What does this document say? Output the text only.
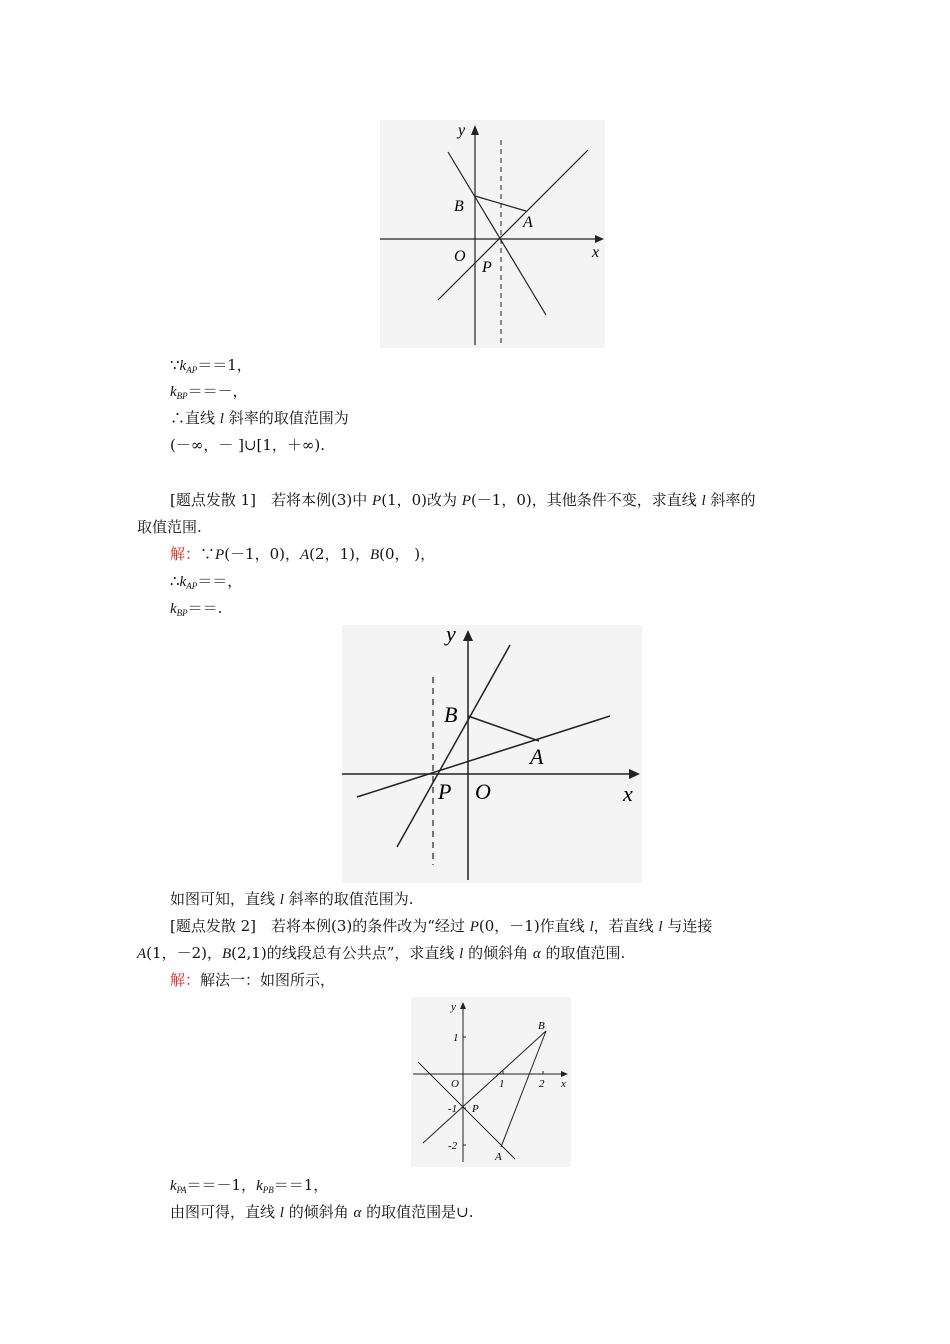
y
x
B
A
O
P
$\because k_{AP}==1$，
$k_{BP}==-$，
∴直线 l 斜率的取值范围为
(－∞，－ ]∪[1，＋∞).
[题点发散 1]　若将本例(3)中 P(1，0)改为 P(－1，0)，其他条件不变，求直线 l 斜率的
取值范围.
解：∵P(－1，0)，A(2，1)，B(0， )，
$\therefore k_{AP}==$，
$k_{BP}==$.
y
x
B
A
O
P
如图可知，直线 l 斜率的取值范围为.
[题点发散 2]　若将本例(3)的条件改为“经过 P(0，－1)作直线 l，若直线 l 与连接
A(1，－2)，B(2,1)的线段总有公共点”，求直线 l 的倾斜角 α 的取值范围.
解：解法一：如图所示，
y
x
B
A
O
P
1	2
1
-1
-2
$k_{PA}==-1$，$k_{PB}==1$，
由图可得，直线 l 的倾斜角 α 的取值范围是∪.
